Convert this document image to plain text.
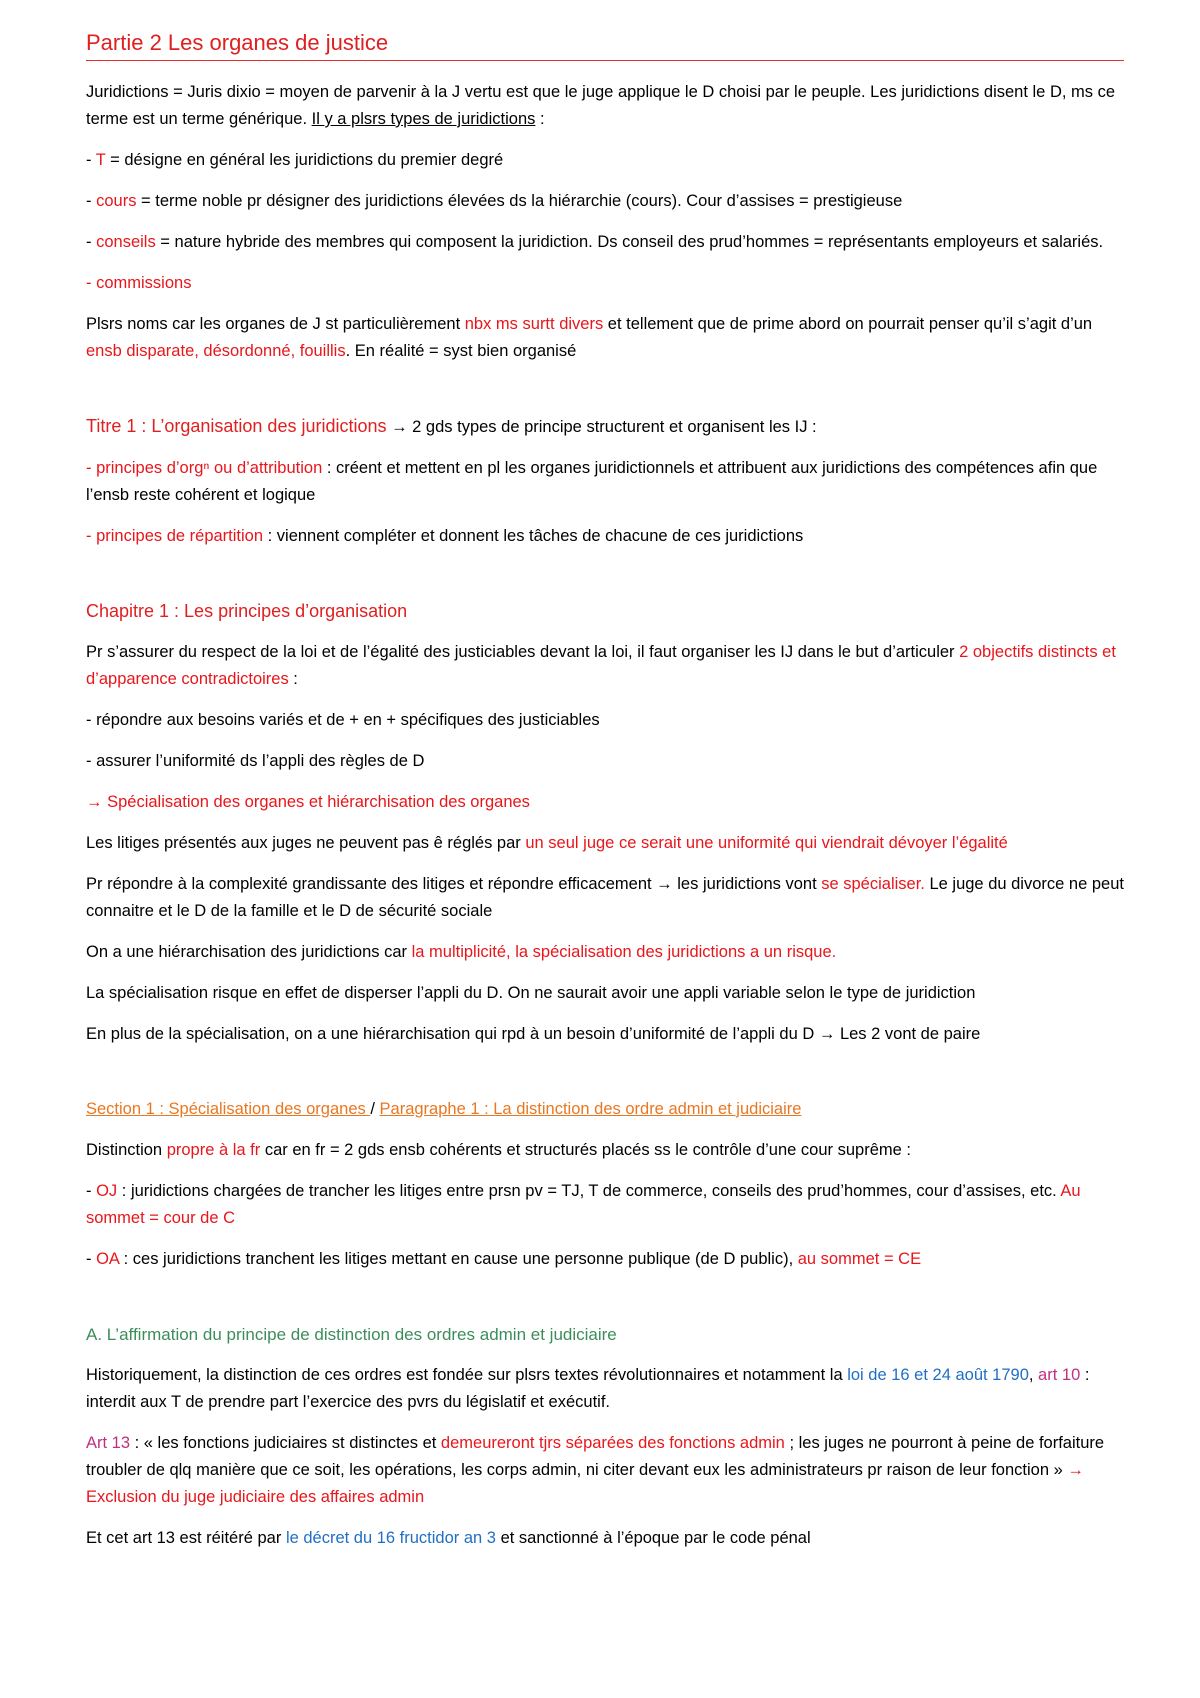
Partie 2 Les organes de justice

Juridictions = Juris dixio = moyen de parvenir à la J vertu est que le juge applique le D choisi par le peuple. Les juridictions disent le D, ms ce terme est un terme générique. Il y a plsrs types de juridictions :

- T = désigne en général les juridictions du premier degré

- cours = terme noble pr désigner des juridictions élevées ds la hiérarchie (cours). Cour d’assises = prestigieuse

- conseils = nature hybride des membres qui composent la juridiction. Ds conseil des prud’hommes = représentants employeurs et salariés.

- commissions

Plsrs noms car les organes de J st particulièrement nbx ms surtt divers et tellement que de prime abord on pourrait penser qu’il s’agit d’un ensb disparate, désordonné, fouillis. En réalité = syst bien organisé

Titre 1 : L’organisation des juridictions → 2 gds types de principe structurent et organisent les IJ :

- principes d’orgⁿ ou d’attribution : créent et mettent en pl les organes juridictionnels et attribuent aux juridictions des compétences afin que l’ensb reste cohérent et logique

- principes de répartition : viennent compléter et donnent les tâches de chacune de ces juridictions

Chapitre 1 : Les principes d’organisation

Pr s’assurer du respect de la loi et de l’égalité des justiciables devant la loi, il faut organiser les IJ dans le but d’articuler 2 objectifs distincts et d’apparence contradictoires :

- répondre aux besoins variés et de + en + spécifiques des justiciables

- assurer l’uniformité ds l’appli des règles de D

→ Spécialisation des organes et hiérarchisation des organes

Les litiges présentés aux juges ne peuvent pas ê réglés par un seul juge ce serait une uniformité qui viendrait dévoyer l’égalité

Pr répondre à la complexité grandissante des litiges et répondre efficacement → les juridictions vont se spécialiser. Le juge du divorce ne peut connaitre et le D de la famille et le D de sécurité sociale

On a une hiérarchisation des juridictions car la multiplicité, la spécialisation des juridictions a un risque.

La spécialisation risque en effet de disperser l’appli du D. On ne saurait avoir une appli variable selon le type de juridiction

En plus de la spécialisation, on a une hiérarchisation qui rpd à un besoin d’uniformité de l’appli du D → Les 2 vont de paire

Section 1 : Spécialisation des organes / Paragraphe 1 : La distinction des ordre admin et judiciaire

Distinction propre à la fr car en fr = 2 gds ensb cohérents et structurés placés ss le contrôle d’une cour suprême :

- OJ : juridictions chargées de trancher les litiges entre prsn pv = TJ, T de commerce, conseils des prud’hommes, cour d’assises, etc. Au sommet = cour de C

- OA : ces juridictions tranchent les litiges mettant en cause une personne publique (de D public), au sommet = CE

A. L’affirmation du principe de distinction des ordres admin et judiciaire

Historiquement, la distinction de ces ordres est fondée sur plsrs textes révolutionnaires et notamment la loi de 16 et 24 août 1790, art 10 : interdit aux T de prendre part l’exercice des pvrs du législatif et exécutif.

Art 13 : « les fonctions judiciaires st distinctes et demeureront tjrs séparées des fonctions admin ; les juges ne pourront à peine de forfaiture troubler de qlq manière que ce soit, les opérations, les corps admin, ni citer devant eux les administrateurs pr raison de leur fonction » → Exclusion du juge judiciaire des affaires admin

Et cet art 13 est réitéré par le décret du 16 fructidor an 3 et sanctionné à l’époque par le code pénal
